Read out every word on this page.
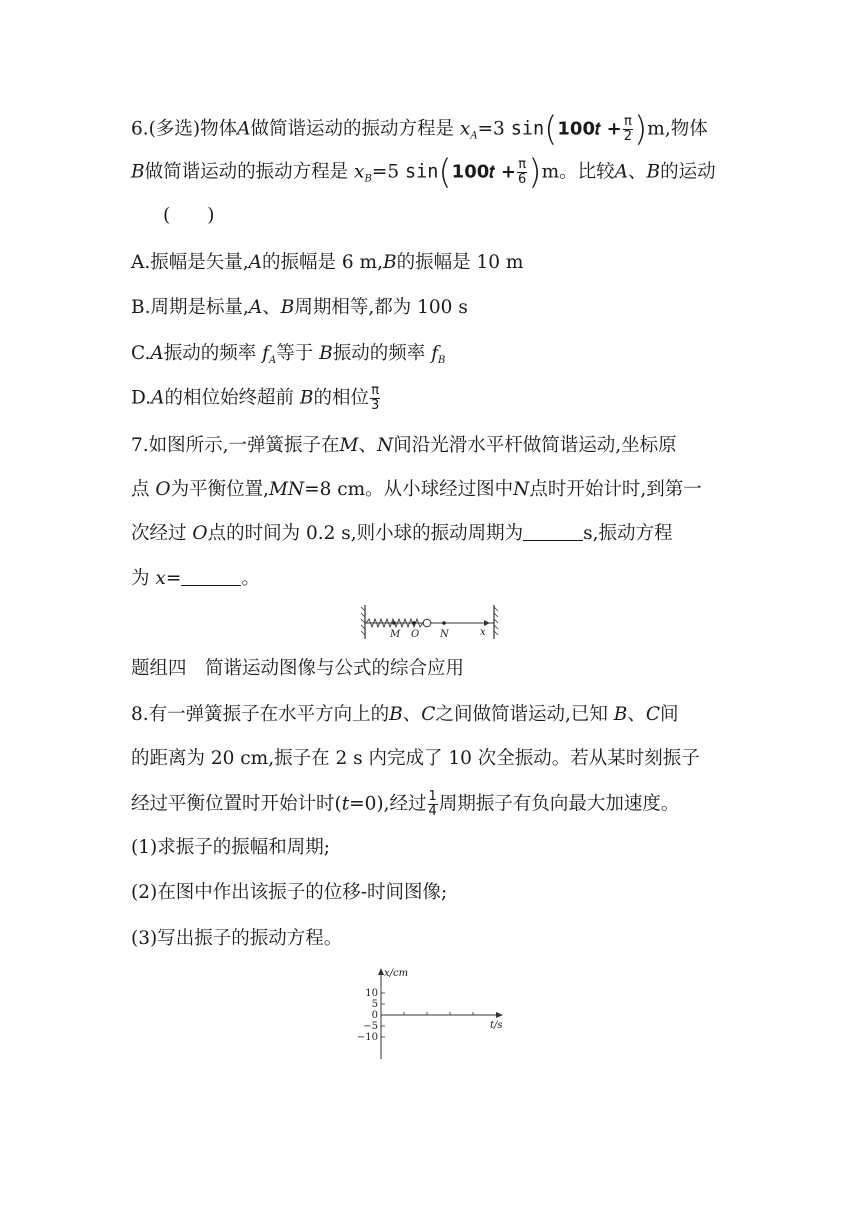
6.(多选)物体A做简谐运动的振动方程是 $x_A=3$ sin(100𝑡 + $\frac{\pi}{2} )m$,物体
B做简谐运动的振动方程是 $x_B=5$ sin(100𝑡 + $\frac{\pi}{6} )m$。比较A、B的运动
(　　)
A.振幅是矢量,A的振幅是 6 m,B的振幅是 10 m
B.周期是标量,A、B周期相等,都为 100 s
C.A振动的频率 $f_A$等于 B振动的频率 $f_B$
D.A的相位始终超前 B的相位 $\frac{\pi}{3}$
7.如图所示,一弹簧振子在M、N间沿光滑水平杆做简谐运动,坐标原
点 O为平衡位置,MN=8 cm。从小球经过图中N点时开始计时,到第一
次经过 O点的时间为 0.2 s,则小球的振动周期为	s,振动方程
为 x=	。
M O N	x
题组四　简谐运动图像与公式的综合应用
8.有一弹簧振子在水平方向上的B、C之间做简谐运动,已知 B、C间
的距离为 20 cm,振子在 2 s 内完成了 10 次全振动。若从某时刻振子
经过平衡位置时开始计时(t=0),经过 $\frac{1}{4}$ 周期振子有负向最大加速度。
(1)求振子的振幅和周期;
(2)在图中作出该振子的位移-时间图像;
(3)写出振子的振动方程。
x/cm
t/s
10
5
0
−5
−10
